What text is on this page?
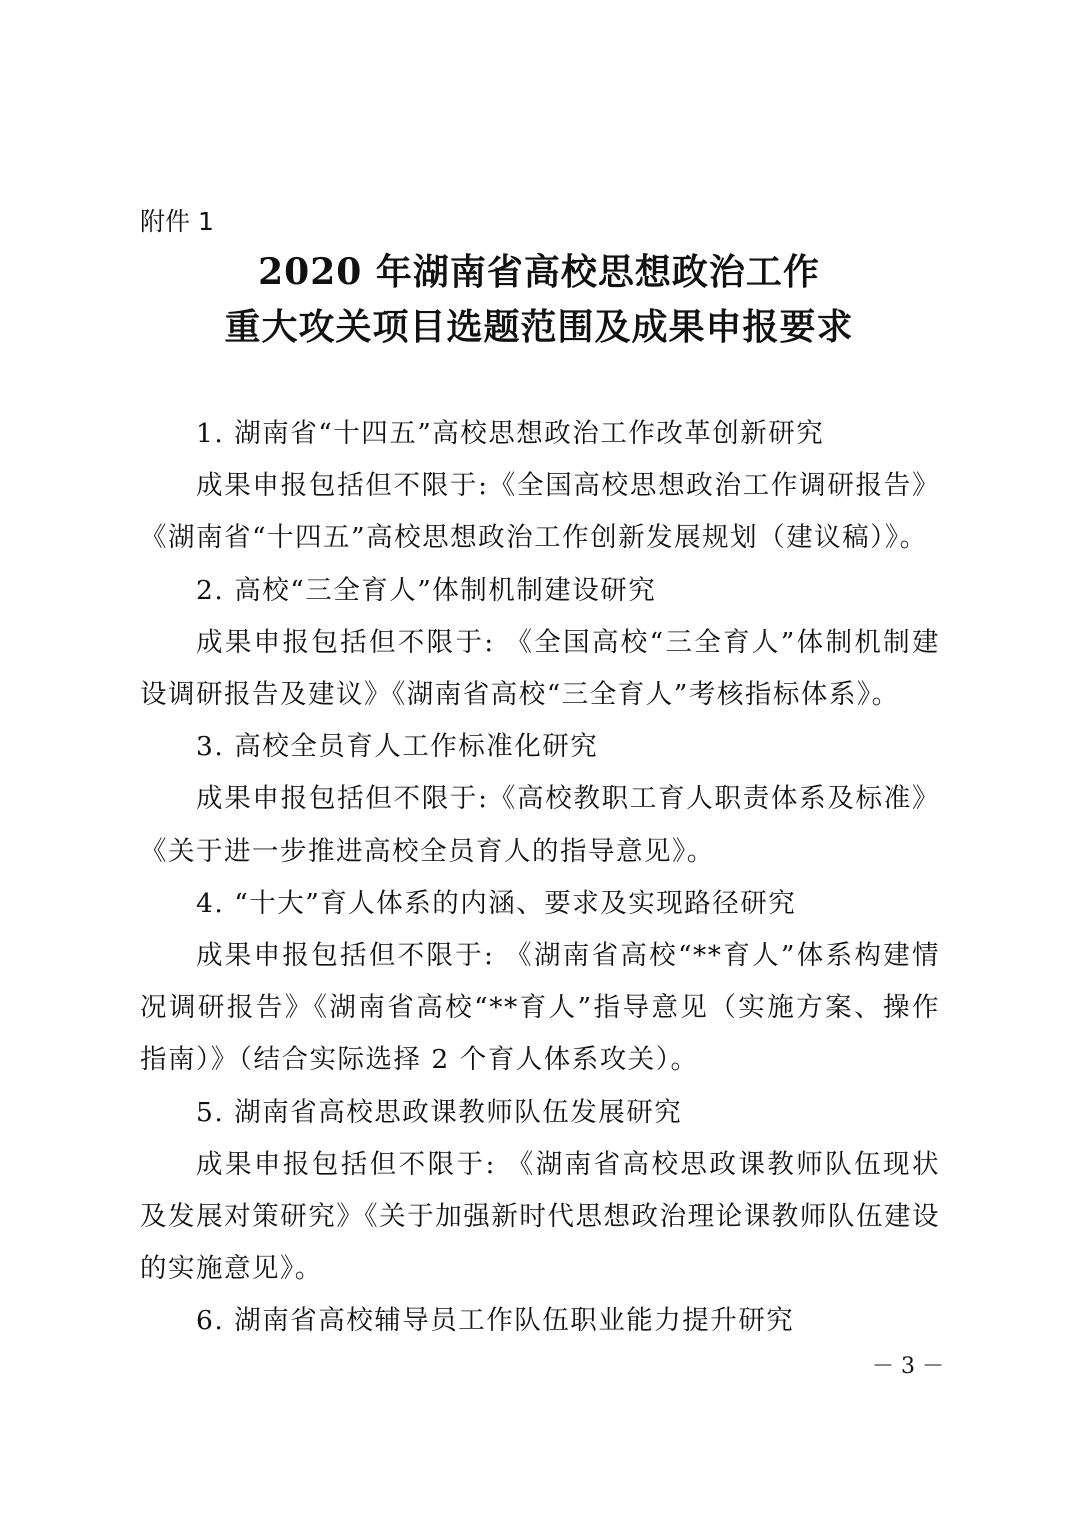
附件 1
2020 年湖南省高校思想政治工作
重大攻关项目选题范围及成果申报要求

1. 湖南省“十四五”高校思想政治工作改革创新研究

成果申报包括但不限于:《全国高校思想政治工作调研报告》《湖南省“十四五”高校思想政治工作创新发展规划（建议稿）》。

2. 高校“三全育人”体制机制建设研究

成果申报包括但不限于: 《全国高校“三全育人”体制机制建设调研报告及建议》《湖南省高校“三全育人”考核指标体系》。

3. 高校全员育人工作标准化研究

成果申报包括但不限于:《高校教职工育人职责体系及标准》《关于进一步推进高校全员育人的指导意见》。

4. “十大”育人体系的内涵、要求及实现路径研究

成果申报包括但不限于: 《湖南省高校“**育人”体系构建情况调研报告》《湖南省高校“**育人”指导意见（实施方案、操作指南）》（结合实际选择 2 个育人体系攻关）。

5. 湖南省高校思政课教师队伍发展研究

成果申报包括但不限于: 《湖南省高校思政课教师队伍现状及发展对策研究》《关于加强新时代思想政治理论课教师队伍建设的实施意见》。

6. 湖南省高校辅导员工作队伍职业能力提升研究

－ 3 －
